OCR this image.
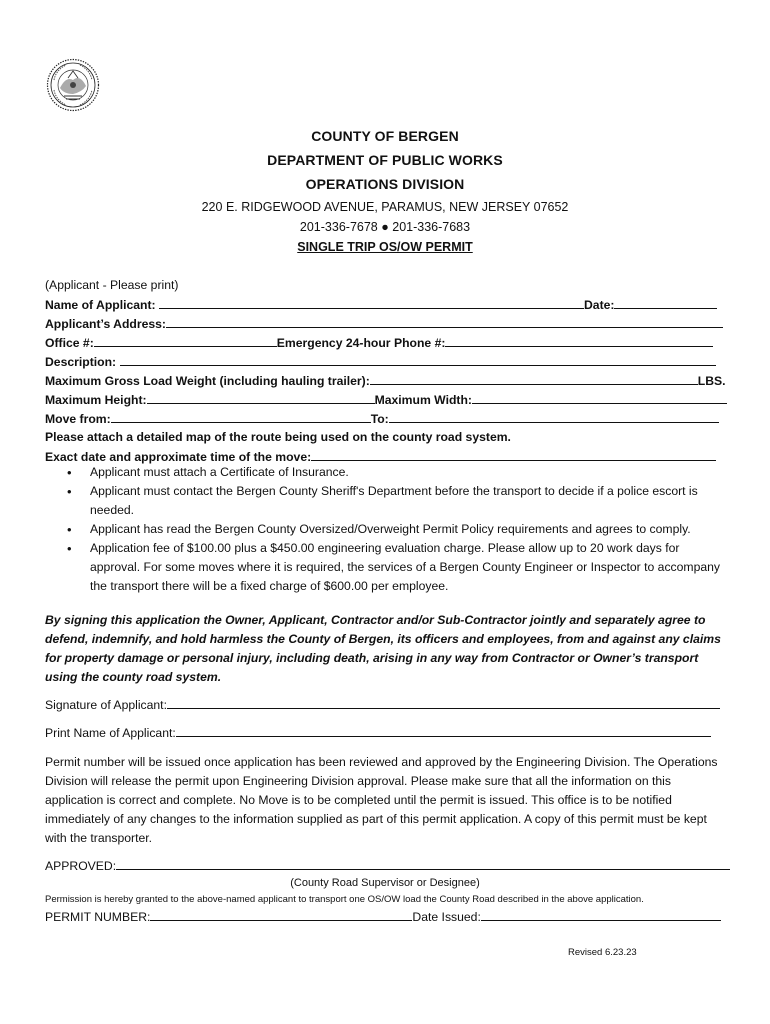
COUNTY OF BERGEN
DEPARTMENT OF PUBLIC WORKS
OPERATIONS DIVISION
220 E. RIDGEWOOD AVENUE, PARAMUS, NEW JERSEY 07652
201-336-7678 ● 201-336-7683
SINGLE TRIP OS/OW PERMIT
(Applicant - Please print)
Name of Applicant:	Date:
Applicant’s Address:
Office #:	Emergency 24-hour Phone #:
Description:
Maximum Gross Load Weight (including hauling trailer):	LBS.
Maximum Height:	Maximum Width:
Move from:	To:
Please attach a detailed map of the route being used on the county road system.
Exact date and approximate time of the move:
• Applicant must attach a Certificate of Insurance.
• Applicant must contact the Bergen County Sheriff's Department before the transport to decide if a police escort is needed.
• Applicant has read the Bergen County Oversized/Overweight Permit Policy requirements and agrees to comply.
• Application fee of $100.00 plus a $450.00 engineering evaluation charge. Please allow up to 20 work days for approval. For some moves where it is required, the services of a Bergen County Engineer or Inspector to accompany the transport there will be a fixed charge of $600.00 per employee.
By signing this application the Owner, Applicant, Contractor and/or Sub-Contractor jointly and separately agree to defend, indemnify, and hold harmless the County of Bergen, its officers and employees, from and against any claims for property damage or personal injury, including death, arising in any way from Contractor or Owner’s transport using the county road system.
Signature of Applicant:
Print Name of Applicant:
Permit number will be issued once application has been reviewed and approved by the Engineering Division. The Operations Division will release the permit upon Engineering Division approval. Please make sure that all the information on this application is correct and complete. No Move is to be completed until the permit is issued. This office is to be notified immediately of any changes to the information supplied as part of this permit application. A copy of this permit must be kept with the transporter.
APPROVED:
(County Road Supervisor or Designee)
Permission is hereby granted to the above-named applicant to transport one OS/OW load the County Road described in the above application.
PERMIT NUMBER:	Date Issued:
Revised 6.23.23
